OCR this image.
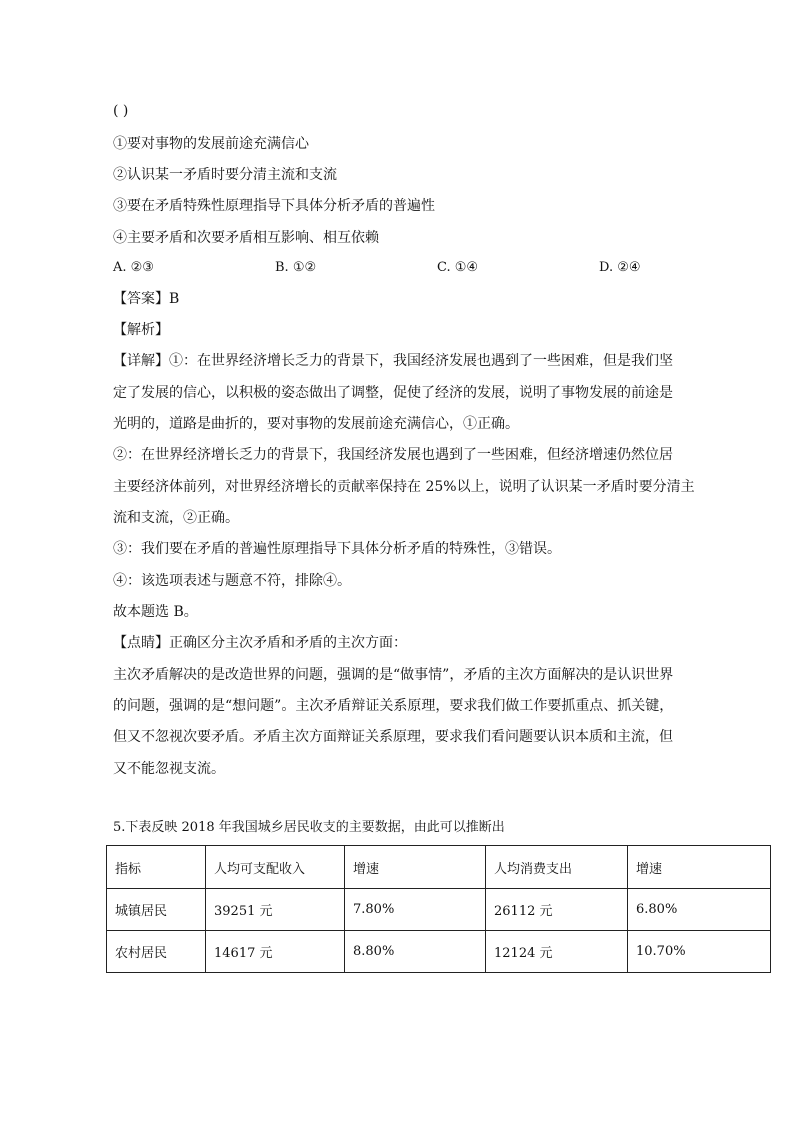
( )
①要对事物的发展前途充满信心
②认识某一矛盾时要分清主流和支流
③要在矛盾特殊性原理指导下具体分析矛盾的普遍性
④主要矛盾和次要矛盾相互影响、相互依赖
A. ②③	B. ①②	C. ①④	D. ②④
【答案】B
【解析】
【详解】①：在世界经济增长乏力的背景下，我国经济发展也遇到了一些困难，但是我们坚
定了发展的信心，以积极的姿态做出了调整，促使了经济的发展，说明了事物发展的前途是
光明的，道路是曲折的，要对事物的发展前途充满信心，①正确。
②：在世界经济增长乏力的背景下，我国经济发展也遇到了一些困难，但经济增速仍然位居
主要经济体前列，对世界经济增长的贡献率保持在 25%以上，说明了认识某一矛盾时要分清主
流和支流，②正确。
③：我们要在矛盾的普遍性原理指导下具体分析矛盾的特殊性，③错误。
④：该选项表述与题意不符，排除④。
故本题选 B。
【点睛】正确区分主次矛盾和矛盾的主次方面：
主次矛盾解决的是改造世界的问题，强调的是“做事情”，矛盾的主次方面解决的是认识世界
的问题，强调的是“想问题”。主次矛盾辩证关系原理，要求我们做工作要抓重点、抓关键，
但又不忽视次要矛盾。矛盾主次方面辩证关系原理，要求我们看问题要认识本质和主流，但
又不能忽视支流。
5.下表反映 2018 年我国城乡居民收支的主要数据，由此可以推断出
指标	人均可支配收入	增速	人均消费支出	增速
城镇居民	39251 元	7.80%	26112 元	6.80%
农村居民	14617 元	8.80%	12124 元	10.70%
